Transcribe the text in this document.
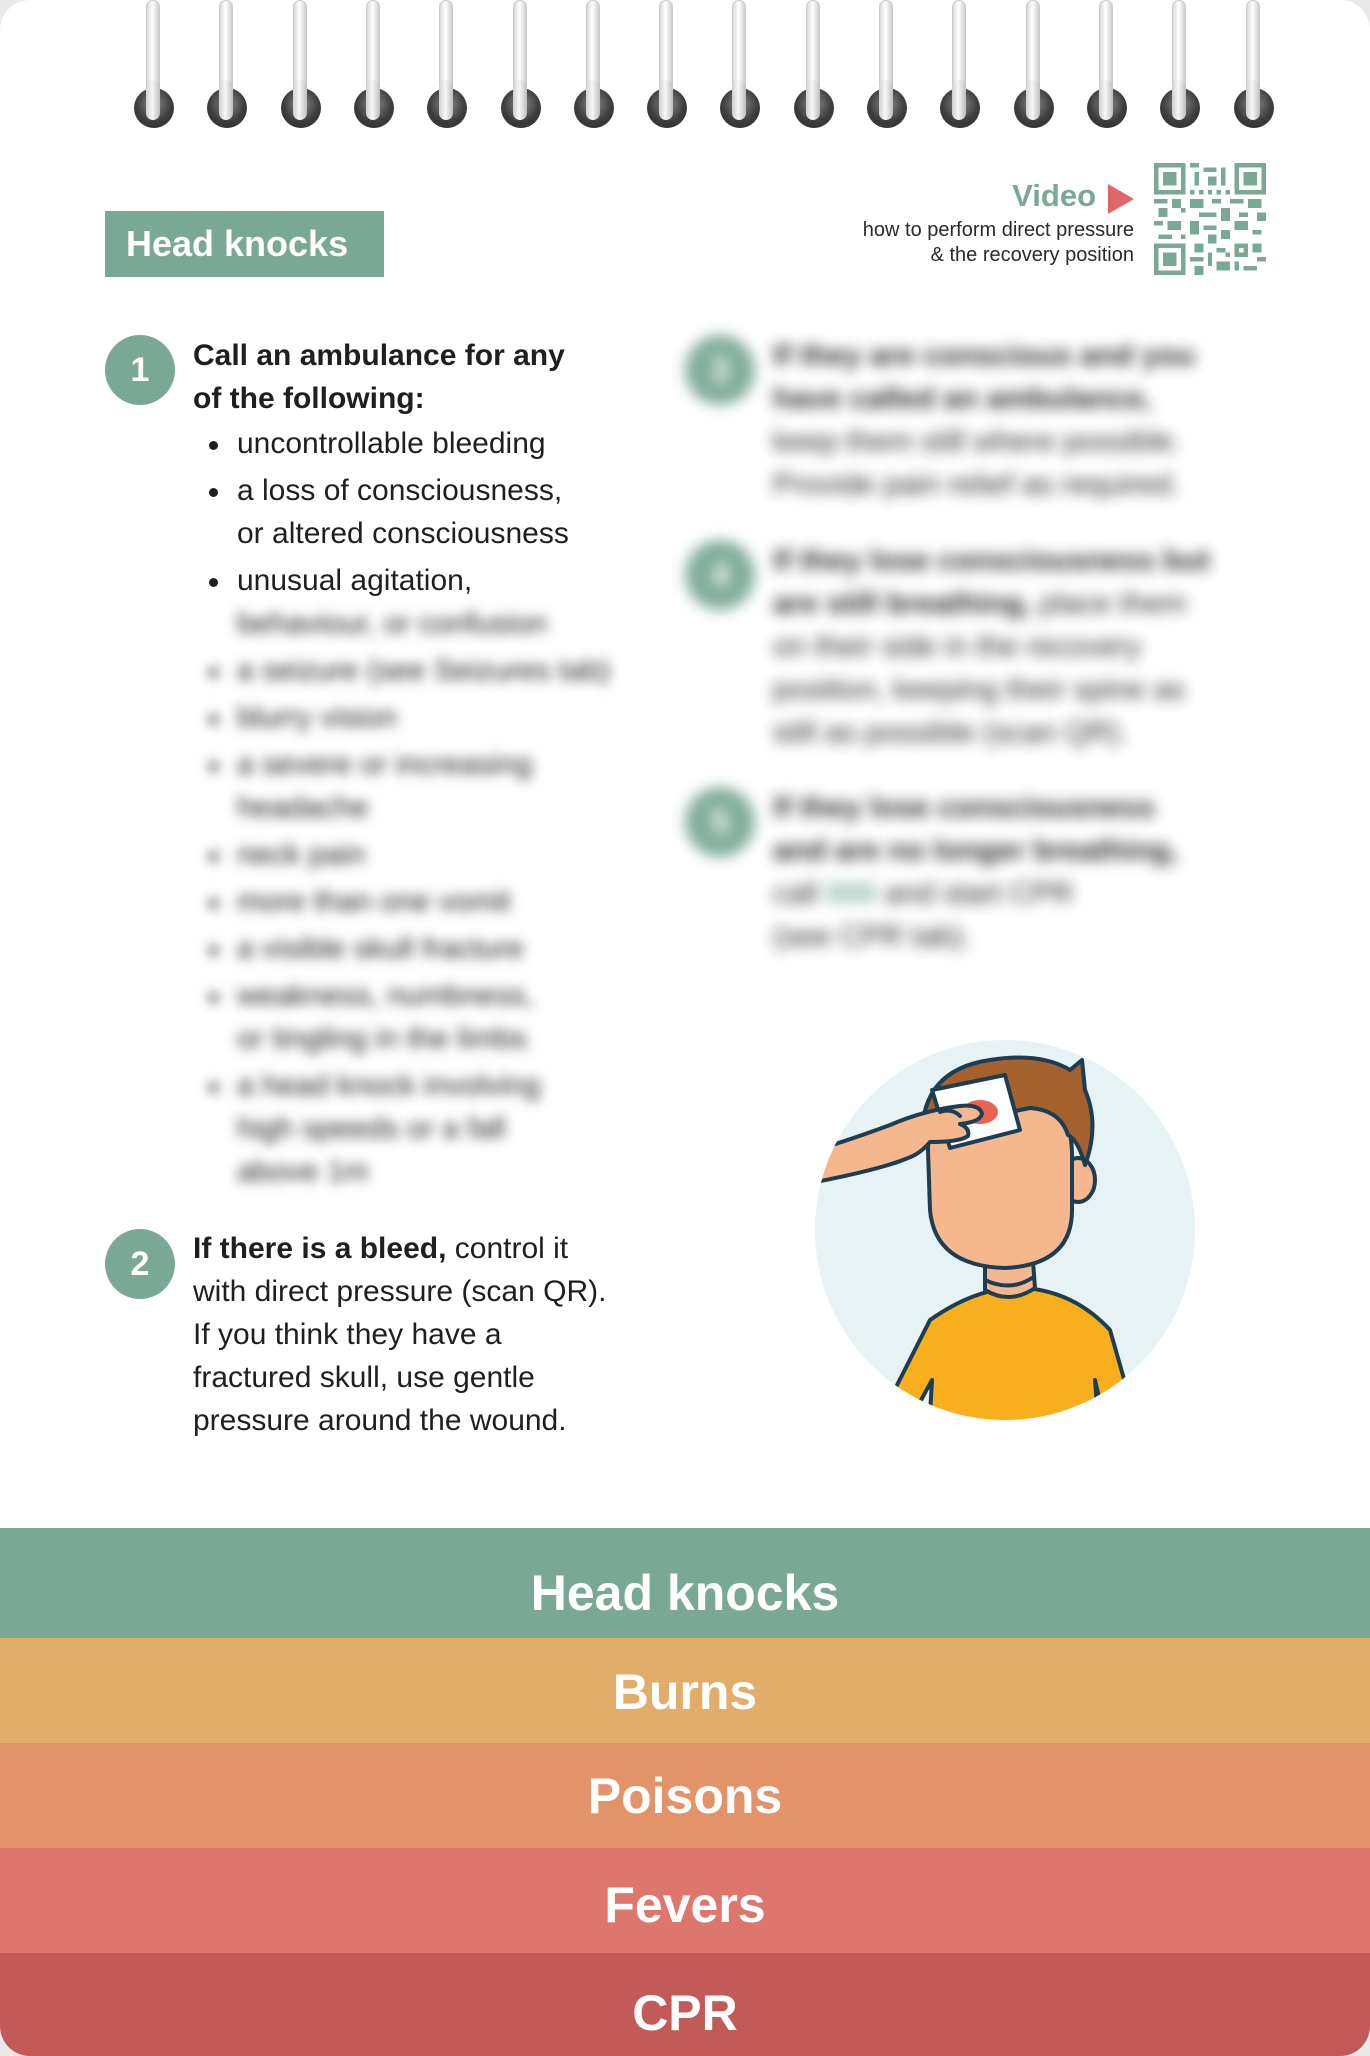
Head knocks
Video
how to perform direct pressure
& the recovery position
1	Call an ambulance for any
of the following:
uncontrollable bleeding
a loss of consciousness,
or altered consciousness
unusual agitation,
behaviour, or confusion
a seizure (see Seizures tab)
blurry vision
a severe or increasing
headache
neck pain
more than one vomit
a visible skull fracture
weakness, numbness,
or tingling in the limbs
a head knock involving
high speeds or a fall
above 1m
2	If there is a bleed, control it
with direct pressure (scan QR).
If you think they have a
fractured skull, use gentle
pressure around the wound.
3	If they are conscious and you
have called an ambulance,
keep them still where possible.
Provide pain relief as required.
4	If they lose consciousness but
are still breathing, place them
on their side in the recovery
position, keeping their spine as
still as possible (scan QR).
5	If they lose consciousness
and are no longer breathing,
call 000 and start CPR
(see CPR tab).
Head knocks
Burns
Poisons
Fevers
CPR
